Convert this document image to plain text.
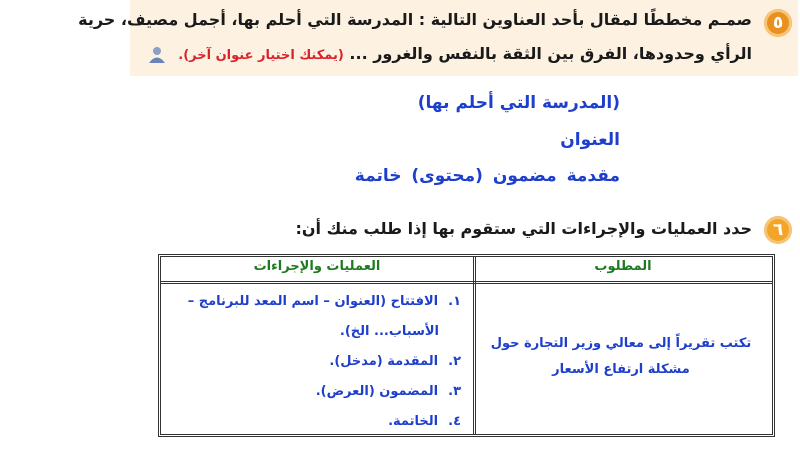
٥
صمـم مخططًا لمقال بأحد العناوين التالية : المدرسة التي أحلم بها، أجمل مصيف، حرية
الرأي وحدودها، الفرق بين الثقة بالنفس والغرور ... (يمكنك اختيار عنوان آخر).
(المدرسة التي أحلم بها)
العنوان
مقدمة مضمون (محتوى) خاتمة
٦
حدد العمليات والإجراءات التي ستقوم بها إذا طلب منك أن:
المطلوب
العمليات والإجراءات
تكتب تقريراً إلى معالي وزير التجارة حول
مشكلة ارتفاع الأسعار
١.الافتتاح (العنوان – اسم المعد للبرنامج –
الأسباب... الخ).
٢.المقدمة (مدخل).
٣.المضمون (العرض).
٤.الخاتمة.
